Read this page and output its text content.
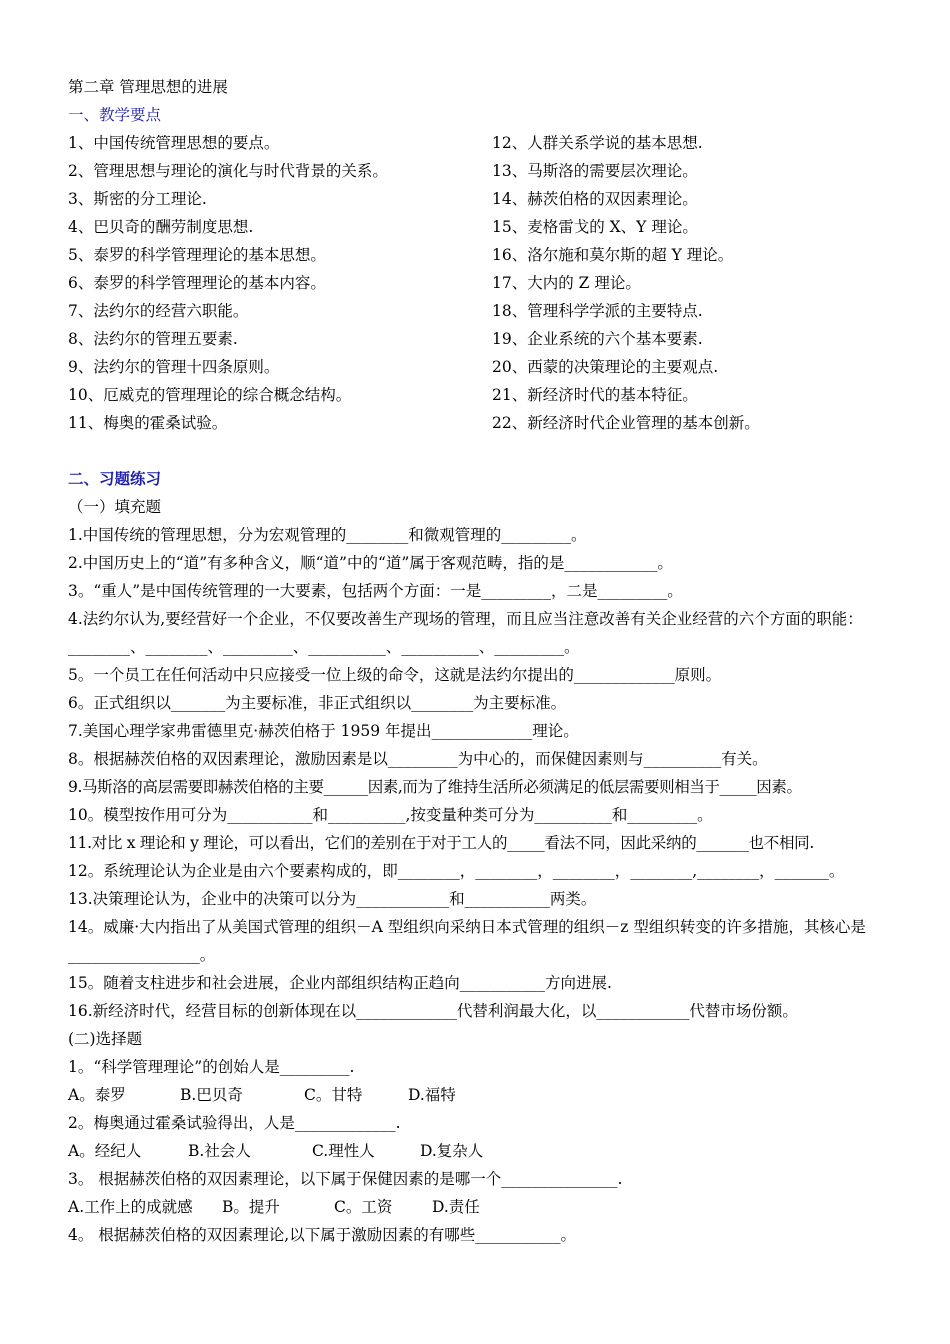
第二章 管理思想的进展
一、教学要点
1、中国传统管理思想的要点。
2、管理思想与理论的演化与时代背景的关系。
3、斯密的分工理论.
4、巴贝奇的酬劳制度思想.
5、泰罗的科学管理理论的基本思想。
6、泰罗的科学管理理论的基本内容。
7、法约尔的经营六职能。
8、法约尔的管理五要素.
9、法约尔的管理十四条原则。
10、厄威克的管理理论的综合概念结构。
11、梅奥的霍桑试验。
12、人群关系学说的基本思想.
13、马斯洛的需要层次理论。
14、赫茨伯格的双因素理论。
15、麦格雷戈的 X、Y 理论。
16、洛尔施和莫尔斯的超 Y 理论。
17、大内的 Z 理论。
18、管理科学学派的主要特点.
19、企业系统的六个基本要素.
20、西蒙的决策理论的主要观点.
21、新经济时代的基本特征。
22、新经济时代企业管理的基本创新。
二、习题练习
（一）填充题
1.中国传统的管理思想，分为宏观管理的________和微观管理的_________。
2.中国历史上的“道”有多种含义，顺“道”中的“道”属于客观范畴，指的是____________。
3。“重人”是中国传统管理的一大要素，包括两个方面：一是_________，二是_________。
4.法约尔认为,要经营好一个企业，不仅要改善生产现场的管理，而且应当注意改善有关企业经营的六个方面的职能：________、________、_________、__________、__________、_________。
5。一个员工在任何活动中只应接受一位上级的命令，这就是法约尔提出的_____________原则。
6。正式组织以_______为主要标准，非正式组织以________为主要标准。
7.美国心理学家弗雷德里克·赫茨伯格于 1959 年提出_____________理论。
8。根据赫茨伯格的双因素理论，激励因素是以_________为中心的，而保健因素则与__________有关。
9.马斯洛的高层需要即赫茨伯格的主要______因素,而为了维持生活所必须满足的低层需要则相当于_____因素。
10。模型按作用可分为___________和__________,按变量种类可分为__________和_________。
11.对比 x 理论和 y 理论，可以看出，它们的差别在于对于工人的_____看法不同，因此采纳的_______也不相同.
12。系统理论认为企业是由六个要素构成的，即________，________，________，________,________，_______。
13.决策理论认为，企业中的决策可以分为____________和___________两类。
14。威廉·大内指出了从美国式管理的组织－A 型组织向采纳日本式管理的组织－z 型组织转变的许多措施，其核心是_________________。
15。随着支柱进步和社会进展，企业内部组织结构正趋向___________方向进展.
16.新经济时代，经营目标的创新体现在以_____________代替利润最大化，以____________代替市场份额。
(二)选择题
1。“科学管理理论”的创始人是_________.
A。泰罗	B.巴贝奇	C。甘特	D.福特
2。梅奥通过霍桑试验得出，人是_____________.
A。经纪人	B.社会人	C.理性人	D.复杂人
3。 根据赫茨伯格的双因素理论，以下属于保健因素的是哪一个_______________.
A.工作上的成就感	B。提升	C。工资	D.责任
4。 根据赫茨伯格的双因素理论,以下属于激励因素的有哪些___________。
